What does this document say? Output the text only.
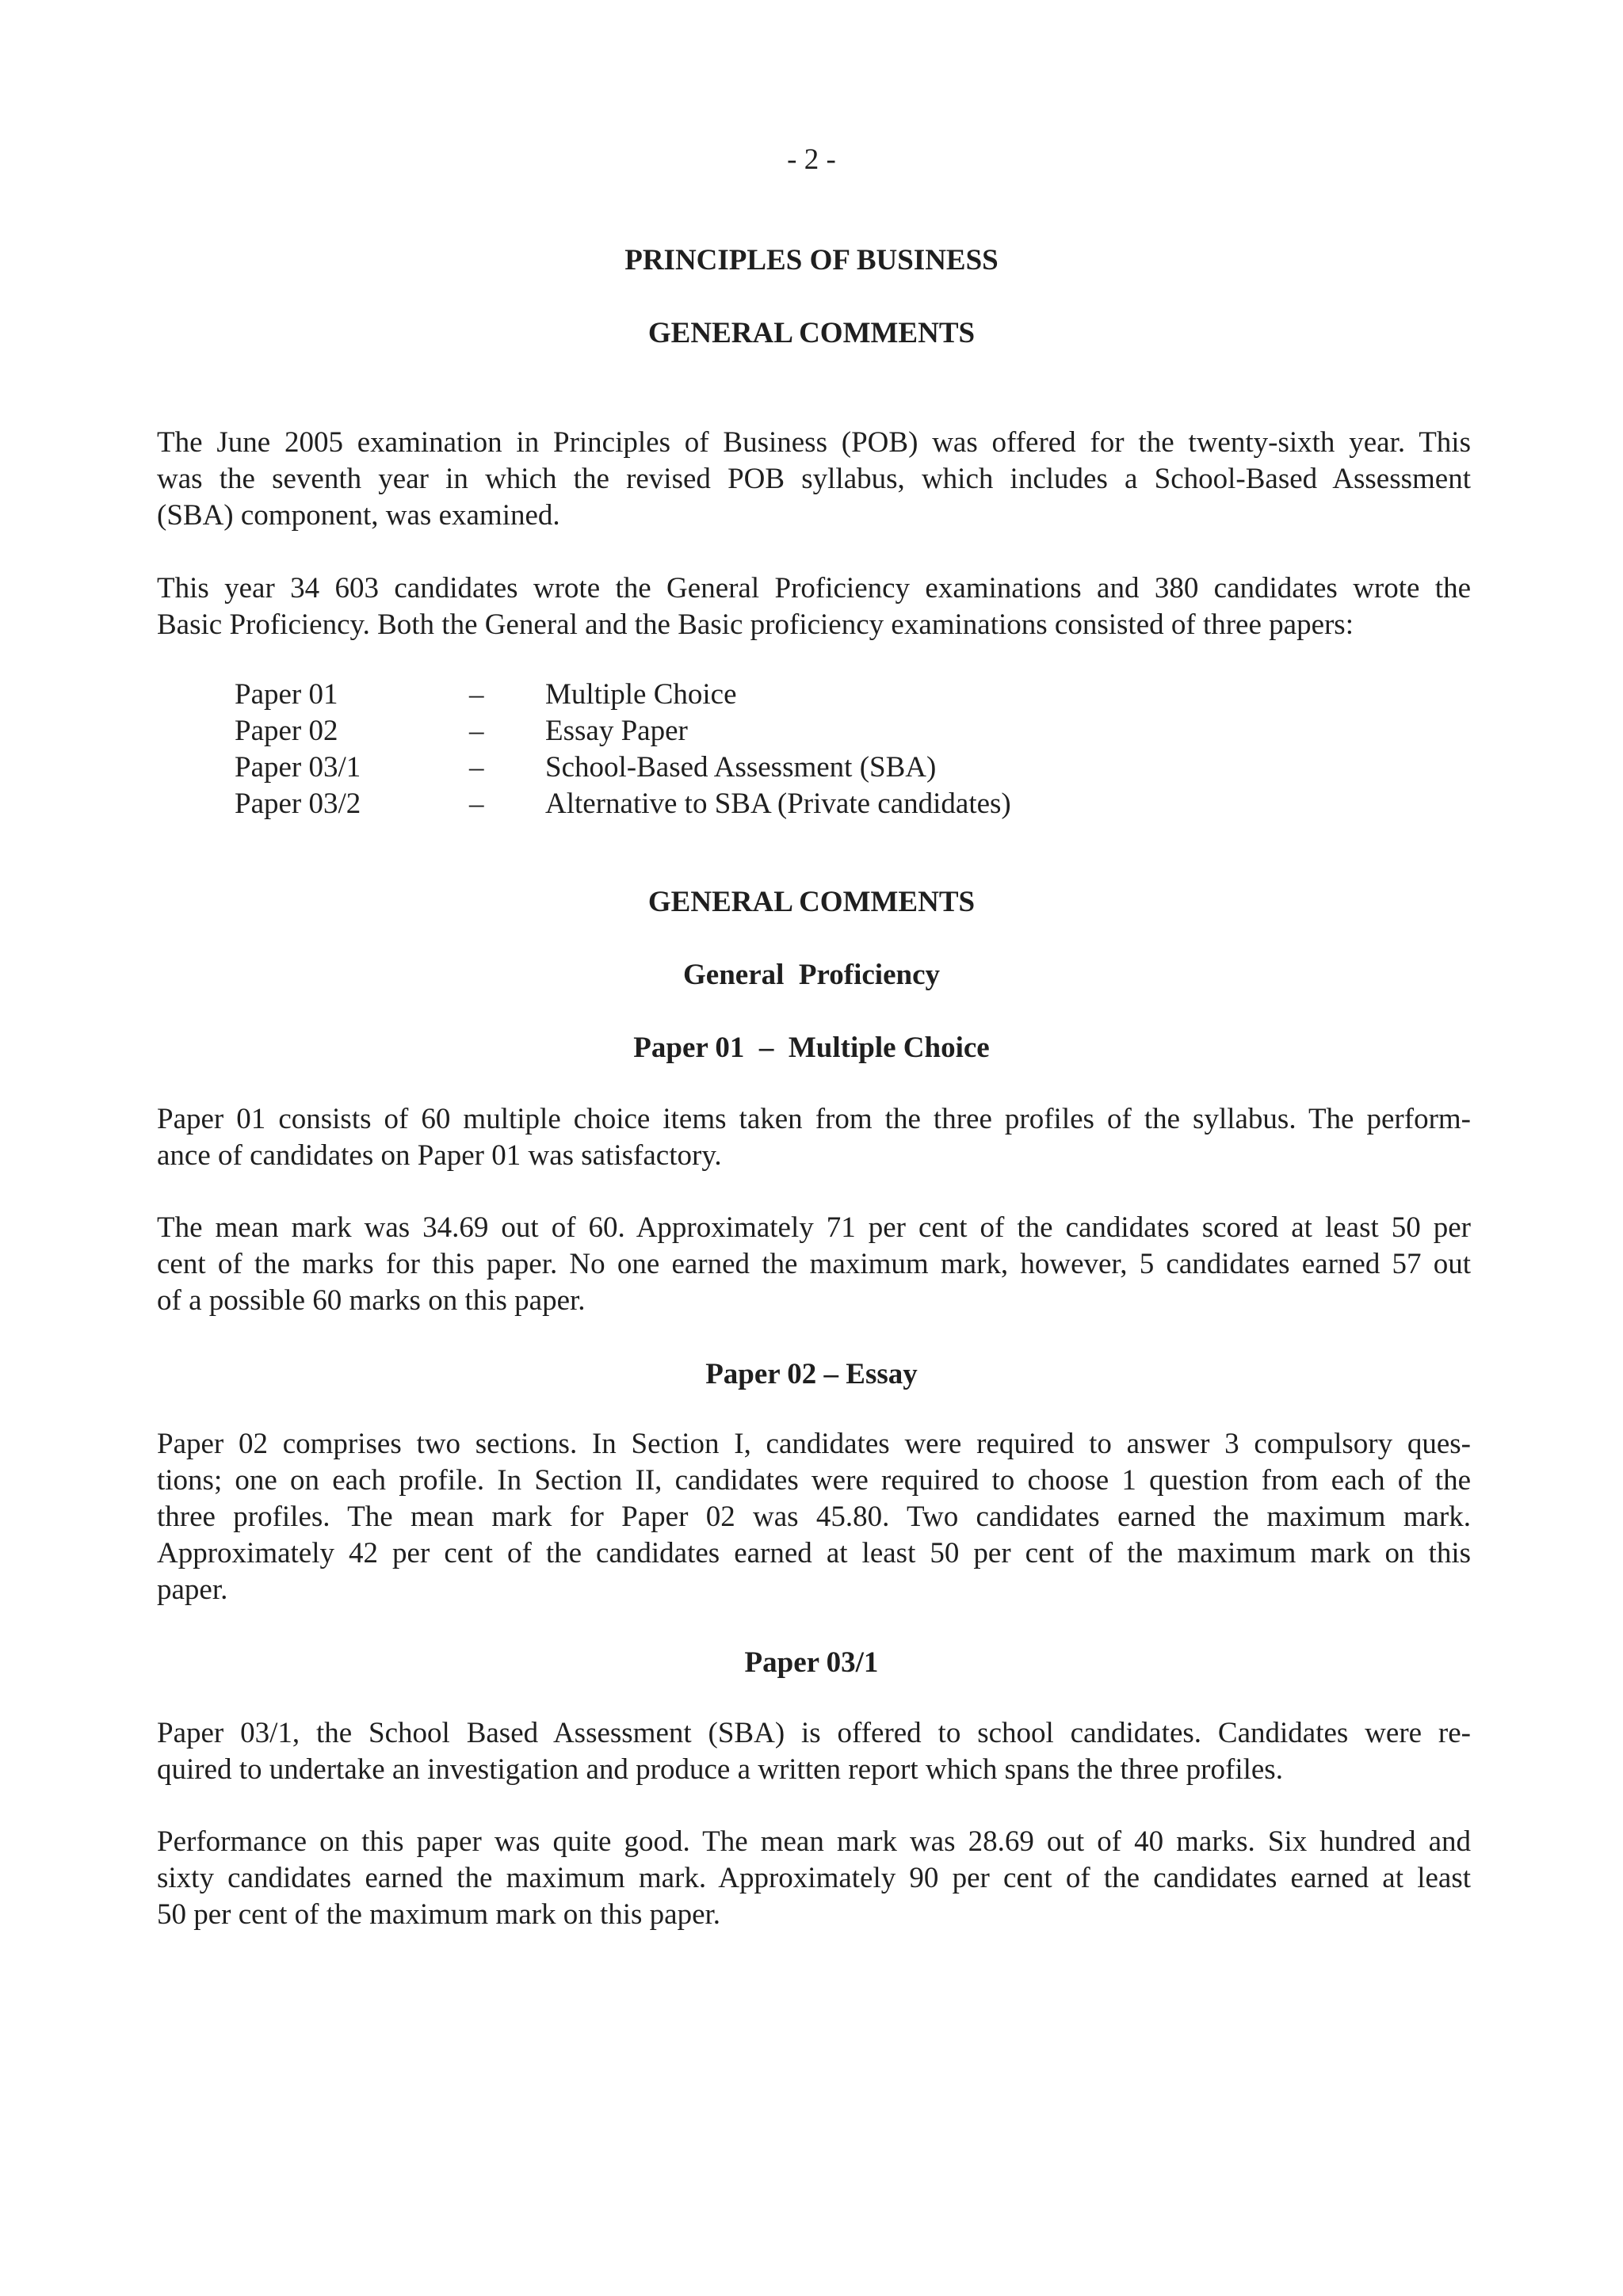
- 2 -
PRINCIPLES OF BUSINESS
GENERAL COMMENTS
The June 2005 examination in Principles of Business (POB) was offered for the twenty-sixth year. This
was the seventh year in which the revised POB syllabus, which includes a School-Based Assessment
(SBA) component, was examined.
This year 34 603 candidates wrote the General Proficiency examinations and 380 candidates wrote the
Basic Proficiency. Both the General and the Basic proficiency examinations consisted of three papers:
Paper 01	– Multiple Choice
Paper 02	– Essay Paper
Paper 03/1	– School-Based Assessment (SBA)
Paper 03/2	– Alternative to SBA (Private candidates)
GENERAL COMMENTS
General  Proficiency
Paper 01  –  Multiple Choice
Paper 01 consists of 60 multiple choice items taken from the three profiles of the syllabus. The perform-
ance of candidates on Paper 01 was satisfactory.
The mean mark was 34.69 out of 60. Approximately 71 per cent of the candidates scored at least 50 per
cent of the marks for this paper. No one earned the maximum mark, however, 5 candidates earned 57 out
of a possible 60 marks on this paper.
Paper 02 – Essay
Paper 02 comprises two sections. In Section I, candidates were required to answer 3 compulsory ques-
tions; one on each profile. In Section II, candidates were required to choose 1 question from each of the
three profiles. The mean mark for Paper 02 was 45.80. Two candidates earned the maximum mark.
Approximately 42 per cent of the candidates earned at least 50 per cent of the maximum mark on this
paper.
Paper 03/1
Paper 03/1, the School Based Assessment (SBA) is offered to school candidates. Candidates were re-
quired to undertake an investigation and produce a written report which spans the three profiles.
Performance on this paper was quite good. The mean mark was 28.69 out of 40 marks. Six hundred and
sixty candidates earned the maximum mark. Approximately 90 per cent of the candidates earned at least
50 per cent of the maximum mark on this paper.
